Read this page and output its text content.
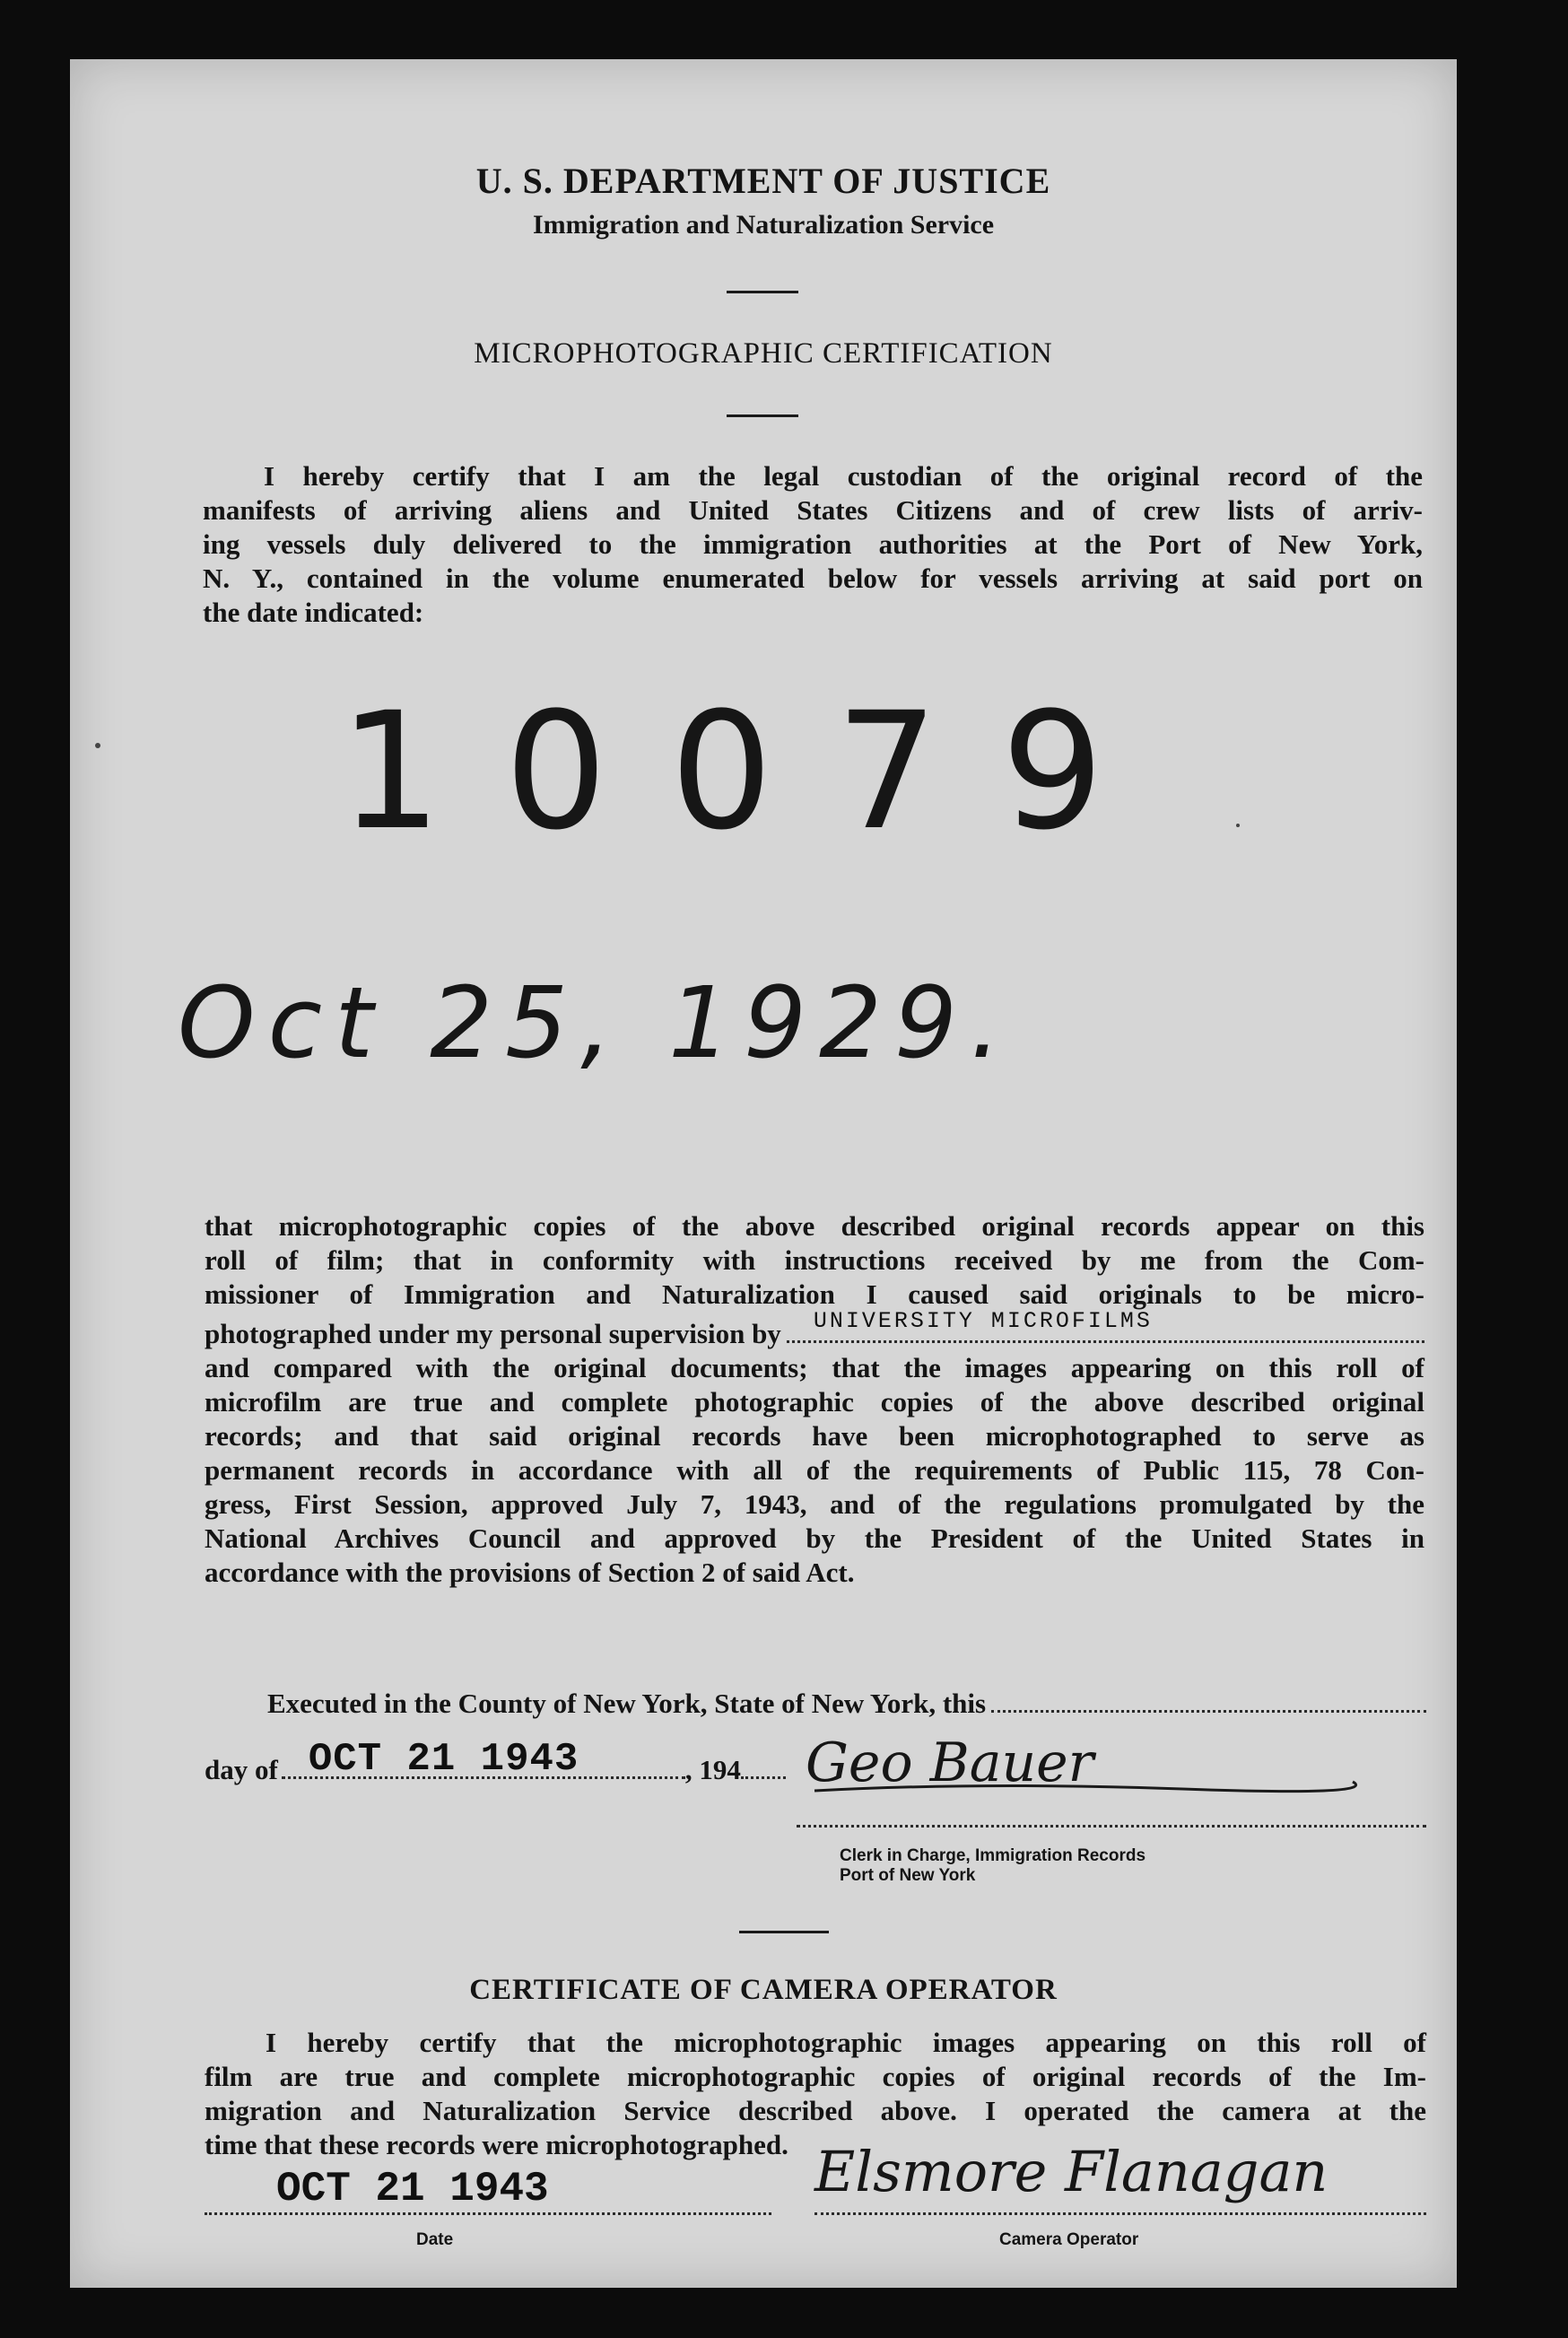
U. S. DEPARTMENT OF JUSTICE
Immigration and Naturalization Service
MICROPHOTOGRAPHIC CERTIFICATION
I hereby certify that I am the legal custodian of the original record of the
manifests of arriving aliens and United States Citizens and of crew lists of arriv-
ing vessels duly delivered to the immigration authorities at the Port of New York,
N. Y., contained in the volume enumerated below for vessels arriving at said port on
the date indicated:
10079
Oct 25, 1929.
that microphotographic copies of the above described original records appear on this
roll of film; that in conformity with instructions received by me from the Com-
missioner of Immigration and Naturalization I caused said originals to be micro-
photographed under my personal supervision by UNIVERSITY MICROFILMS
and compared with the original documents; that the images appearing on this roll of
microfilm are true and complete photographic copies of the above described original
records; and that said original records have been microphotographed to serve as
permanent records in accordance with all of the requirements of Public 115, 78 Con-
gress, First Session, approved July 7, 1943, and of the regulations promulgated by the
National Archives Council and approved by the President of the United States in
accordance with the provisions of Section 2 of said Act.
Executed in the County of New York, State of New York, this
day of OCT 21 1943	, 194 Geo Bauer
Clerk in Charge, Immigration Records
Port of New York
CERTIFICATE OF CAMERA OPERATOR
I hereby certify that the microphotographic images appearing on this roll of
film are true and complete microphotographic copies of original records of the Im-
migration and Naturalization Service described above. I operated the camera at the
time that these records were microphotographed.
OCT 21 1943
Date
Elsmore Flanagan
Camera Operator
